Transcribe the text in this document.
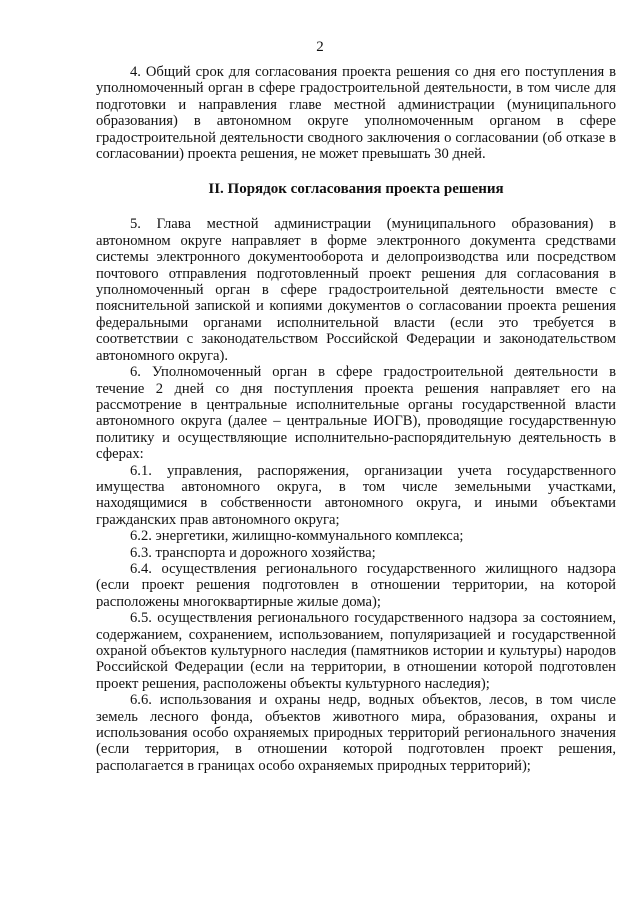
2

4. Общий срок для согласования проекта решения со дня его поступления в уполномоченный орган в сфере градостроительной деятельности, в том числе для подготовки и направления главе местной администрации (муниципального образования) в автономном округе уполномоченным органом в сфере градостроительной деятельности сводного заключения о согласовании (об отказе в согласовании) проекта решения, не может превышать 30 дней.

II. Порядок согласования проекта решения

5. Глава местной администрации (муниципального образования) в автономном округе направляет в форме электронного документа средствами системы электронного документооборота и делопроизводства или посредством почтового отправления подготовленный проект решения для согласования в уполномоченный орган в сфере градостроительной деятельности вместе с пояснительной запиской и копиями документов о согласовании проекта решения федеральными органами исполнительной власти (если это требуется в соответствии с законодательством Российской Федерации и законодательством автономного округа).

6. Уполномоченный орган в сфере градостроительной деятельности в течение 2 дней со дня поступления проекта решения направляет его на рассмотрение в центральные исполнительные органы государственной власти автономного округа (далее – центральные ИОГВ), проводящие государственную политику и осуществляющие исполнительно-распорядительную деятельность в сферах:

6.1. управления, распоряжения, организации учета государственного имущества автономного округа, в том числе земельными участками, находящимися в собственности автономного округа, и иными объектами гражданских прав автономного округа;

6.2. энергетики, жилищно-коммунального комплекса;

6.3. транспорта и дорожного хозяйства;

6.4. осуществления регионального государственного жилищного надзора (если проект решения подготовлен в отношении территории, на которой расположены многоквартирные жилые дома);

6.5. осуществления регионального государственного надзора за состоянием, содержанием, сохранением, использованием, популяризацией и государственной охраной объектов культурного наследия (памятников истории и культуры) народов Российской Федерации (если на территории, в отношении которой подготовлен проект решения, расположены объекты культурного наследия);

6.6. использования и охраны недр, водных объектов, лесов, в том числе земель лесного фонда, объектов животного мира, образования, охраны и использования особо охраняемых природных территорий регионального значения (если территория, в отношении которой подготовлен проект решения, располагается в границах особо охраняемых природных территорий);
